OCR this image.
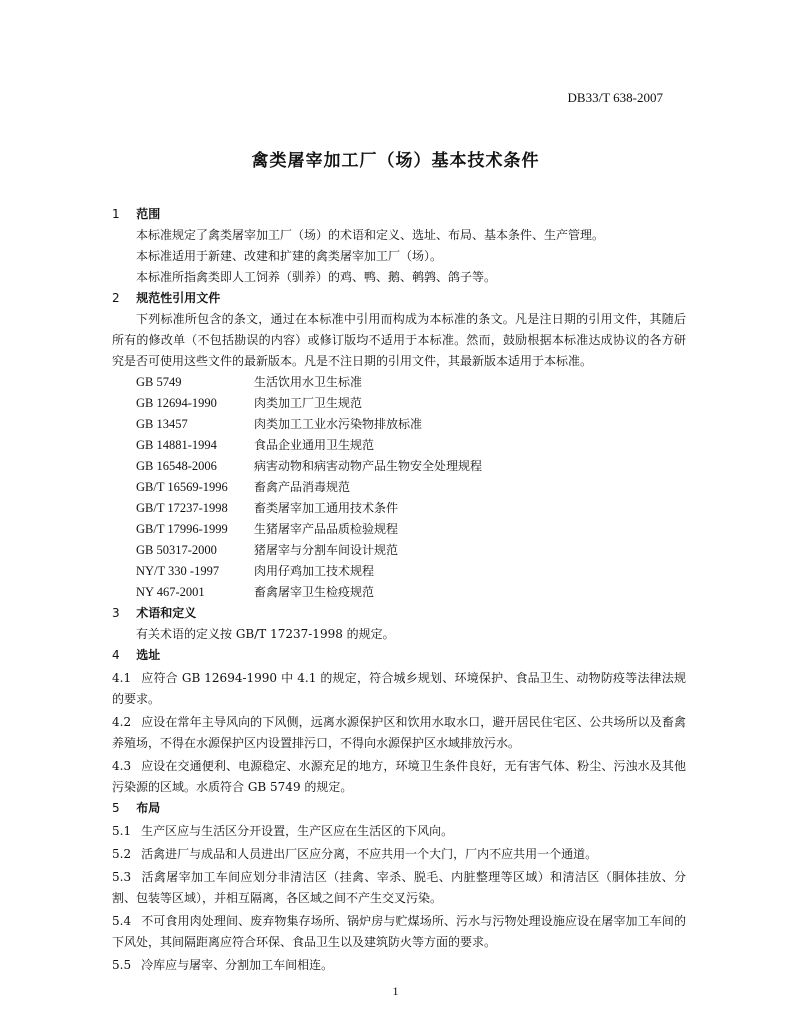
DB33/T 638-2007
禽类屠宰加工厂（场）基本技术条件
1 范围
本标准规定了禽类屠宰加工厂（场）的术语和定义、选址、布局、基本条件、生产管理。
本标准适用于新建、改建和扩建的禽类屠宰加工厂（场）。
本标准所指禽类即人工饲养（驯养）的鸡、鸭、鹅、鹌鹑、鸽子等。
2 规范性引用文件
下列标准所包含的条文，通过在本标准中引用而构成为本标准的条文。凡是注日期的引用文件，其随后所有的修改单（不包括勘误的内容）或修订版均不适用于本标准。然而，鼓励根据本标准达成协议的各方研究是否可使用这些文件的最新版本。凡是不注日期的引用文件，其最新版本适用于本标准。
GB 5749	生活饮用水卫生标准
GB 12694-1990	肉类加工厂卫生规范
GB 13457	肉类加工工业水污染物排放标准
GB 14881-1994	食品企业通用卫生规范
GB 16548-2006	病害动物和病害动物产品生物安全处理规程
GB/T 16569-1996	畜禽产品消毒规范
GB/T 17237-1998	畜类屠宰加工通用技术条件
GB/T 17996-1999	生猪屠宰产品品质检验规程
GB 50317-2000	猪屠宰与分割车间设计规范
NY/T 330 -1997	肉用仔鸡加工技术规程
NY 467-2001	畜禽屠宰卫生检疫规范
3 术语和定义
有关术语的定义按 GB/T 17237-1998 的规定。
4 选址
4.1 应符合 GB 12694-1990 中 4.1 的规定，符合城乡规划、环境保护、食品卫生、动物防疫等法律法规的要求。
4.2 应设在常年主导风向的下风侧，远离水源保护区和饮用水取水口，避开居民住宅区、公共场所以及畜禽养殖场，不得在水源保护区内设置排污口，不得向水源保护区水域排放污水。
4.3 应设在交通便利、电源稳定、水源充足的地方，环境卫生条件良好，无有害气体、粉尘、污浊水及其他污染源的区域。水质符合 GB 5749 的规定。
5 布局
5.1 生产区应与生活区分开设置，生产区应在生活区的下风向。
5.2 活禽进厂与成品和人员进出厂区应分离，不应共用一个大门，厂内不应共用一个通道。
5.3 活禽屠宰加工车间应划分非清洁区（挂禽、宰杀、脱毛、内脏整理等区域）和清洁区（胴体挂放、分割、包装等区域），并相互隔离，各区域之间不产生交叉污染。
5.4 不可食用肉处理间、废弃物集存场所、锅炉房与贮煤场所、污水与污物处理设施应设在屠宰加工车间的下风处，其间隔距离应符合环保、食品卫生以及建筑防火等方面的要求。
5.5 冷库应与屠宰、分割加工车间相连。
1
